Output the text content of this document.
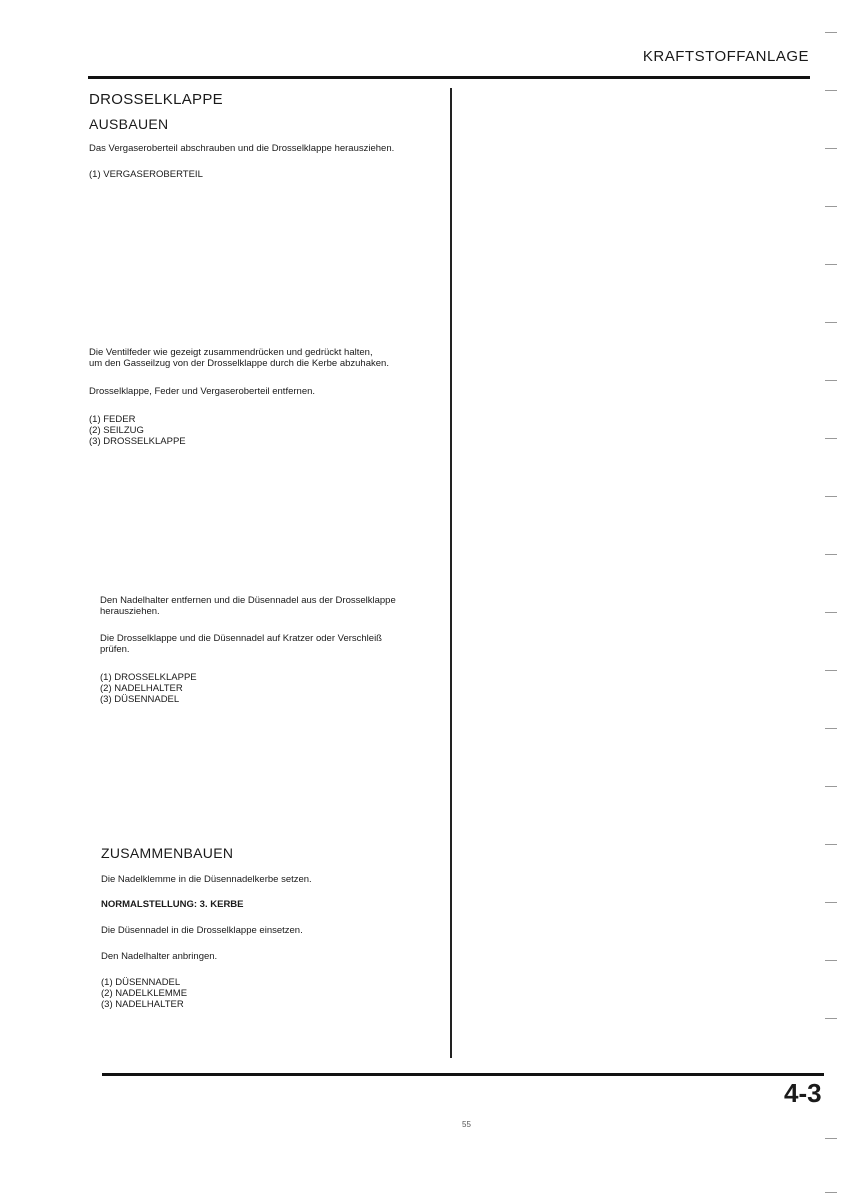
KRAFTSTOFFANLAGE
DROSSELKLAPPE
AUSBAUEN

Das Vergaseroberteil abschrauben und die Drosselklappe herausziehen.

(1) VERGASEROBERTEIL
Die Ventilfeder wie gezeigt zusammendrücken und gedrückt halten,
um den Gasseilzug von der Drosselklappe durch die Kerbe abzuhaken.

Drosselklappe, Feder und Vergaseroberteil entfernen.

(1) FEDER
(2) SEILZUG
(3) DROSSELKLAPPE
Den Nadelhalter entfernen und die Düsennadel aus der Drosselklappe
herausziehen.
Die Drosselklappe und die Düsennadel auf Kratzer oder Verschleiß
prüfen.
(1) DROSSELKLAPPE
(2) NADELHALTER
(3) DÜSENNADEL
ZUSAMMENBAUEN

Die Nadelklemme in die Düsennadelkerbe setzen.

NORMALSTELLUNG: 3. KERBE

Die Düsennadel in die Drosselklappe einsetzen.

Den Nadelhalter anbringen.

(1) DÜSENNADEL
(2) NADELKLEMME
(3) NADELHALTER
4-3
55
